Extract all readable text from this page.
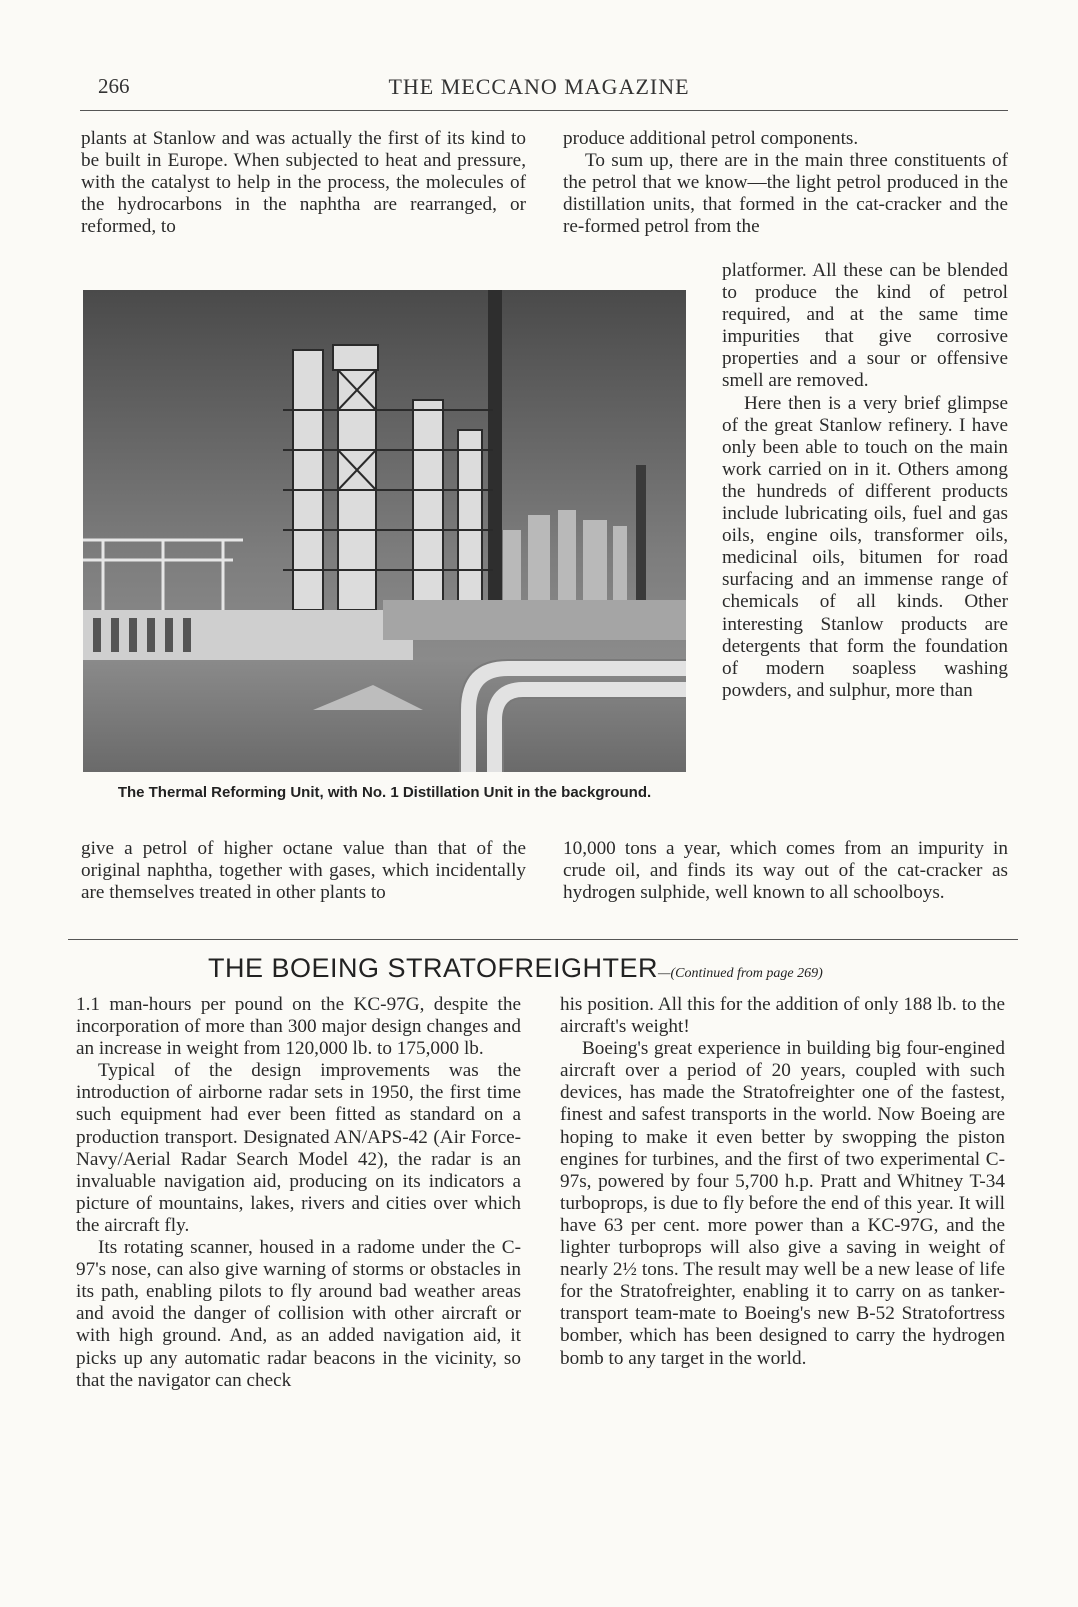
266	THE MECCANO MAGAZINE

plants at Stanlow and was actually the first of its kind to be built in Europe. When subjected to heat and pressure, with the catalyst to help in the process, the molecules of the hydrocarbons in the naphtha are rearranged, or reformed, to

produce additional petrol components.

To sum up, there are in the main three constituents of the petrol that we know—the light petrol produced in the distillation units, that formed in the cat-cracker and the re-formed petrol from the

platformer. All these can be blended to produce the kind of petrol required, and at the same time impurities that give corrosive properties and a sour or offensive smell are removed.

Here then is a very brief glimpse of the great Stanlow refinery. I have only been able to touch on the main work carried on in it. Others among the hundreds of different products include lubricating oils, fuel and gas oils, engine oils, transformer oils, medicinal oils, bitumen for road surfacing and an immense range of chemicals of all kinds. Other interesting Stanlow products are detergents that form the foundation of modern soapless washing powders, and sulphur, more than

The Thermal Reforming Unit, with No. 1 Distillation Unit in the background.

give a petrol of higher octane value than that of the original naphtha, together with gases, which incidentally are themselves treated in other plants to

10,000 tons a year, which comes from an impurity in crude oil, and finds its way out of the cat-cracker as hydrogen sulphide, well known to all schoolboys.

THE BOEING STRATOFREIGHTER—(Continued from page 269)

1.1 man-hours per pound on the KC-97G, despite the incorporation of more than 300 major design changes and an increase in weight from 120,000 lb. to 175,000 lb.

Typical of the design improvements was the introduction of airborne radar sets in 1950, the first time such equipment had ever been fitted as standard on a production transport. Designated AN/APS-42 (Air Force-Navy/Aerial Radar Search Model 42), the radar is an invaluable navigation aid, producing on its indicators a picture of mountains, lakes, rivers and cities over which the aircraft fly.

Its rotating scanner, housed in a radome under the C-97's nose, can also give warning of storms or obstacles in its path, enabling pilots to fly around bad weather areas and avoid the danger of collision with other aircraft or with high ground. And, as an added navigation aid, it picks up any automatic radar beacons in the vicinity, so that the navigator can check

his position. All this for the addition of only 188 lb. to the aircraft's weight!

Boeing's great experience in building big four-engined aircraft over a period of 20 years, coupled with such devices, has made the Stratofreighter one of the fastest, finest and safest transports in the world. Now Boeing are hoping to make it even better by swopping the piston engines for turbines, and the first of two experimental C-97s, powered by four 5,700 h.p. Pratt and Whitney T-34 turboprops, is due to fly before the end of this year. It will have 63 per cent. more power than a KC-97G, and the lighter turboprops will also give a saving in weight of nearly 2½ tons. The result may well be a new lease of life for the Stratofreighter, enabling it to carry on as tanker-transport team-mate to Boeing's new B-52 Stratofortress bomber, which has been designed to carry the hydrogen bomb to any target in the world.
